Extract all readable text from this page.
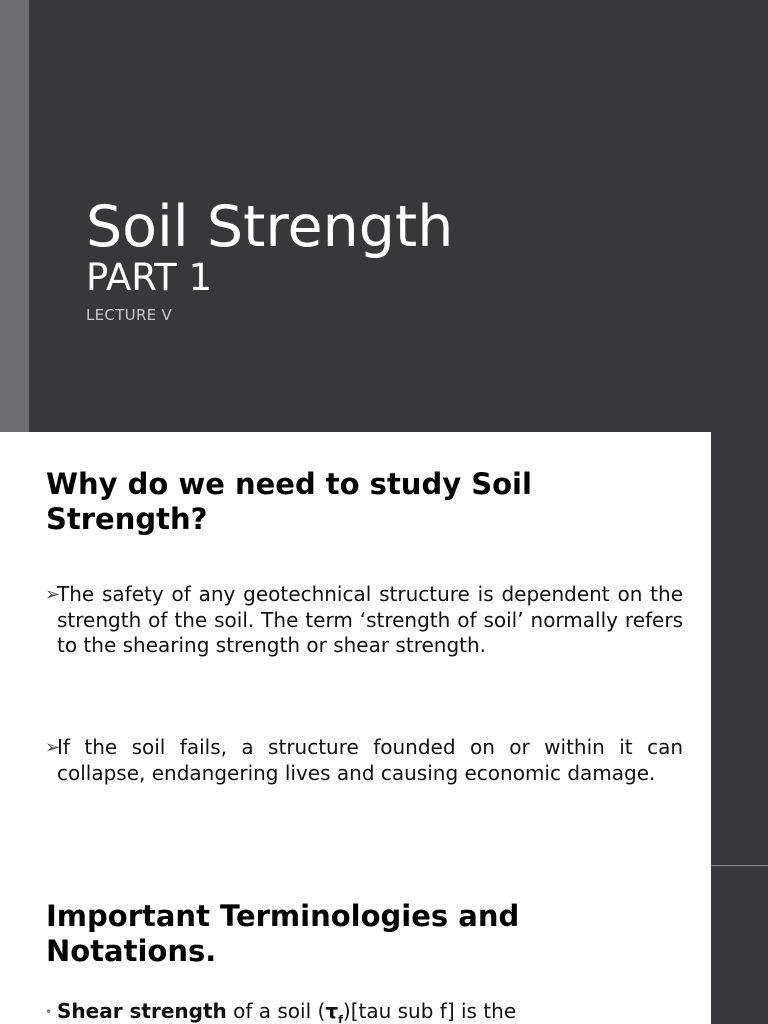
Soil Strength
PART 1
LECTURE V
Why do we need to study Soil Strength?
➢
The safety of any geotechnical structure is dependent on the strength of the soil. The term ‘strength of soil’ normally refers to the shearing strength or shear strength.
➢
If the soil fails, a structure founded on or within it can collapse, endangering lives and causing economic damage.
Important Terminologies and Notations.
• Shear strength of a soil $(\tau_f)[tau$ sub f] is the
